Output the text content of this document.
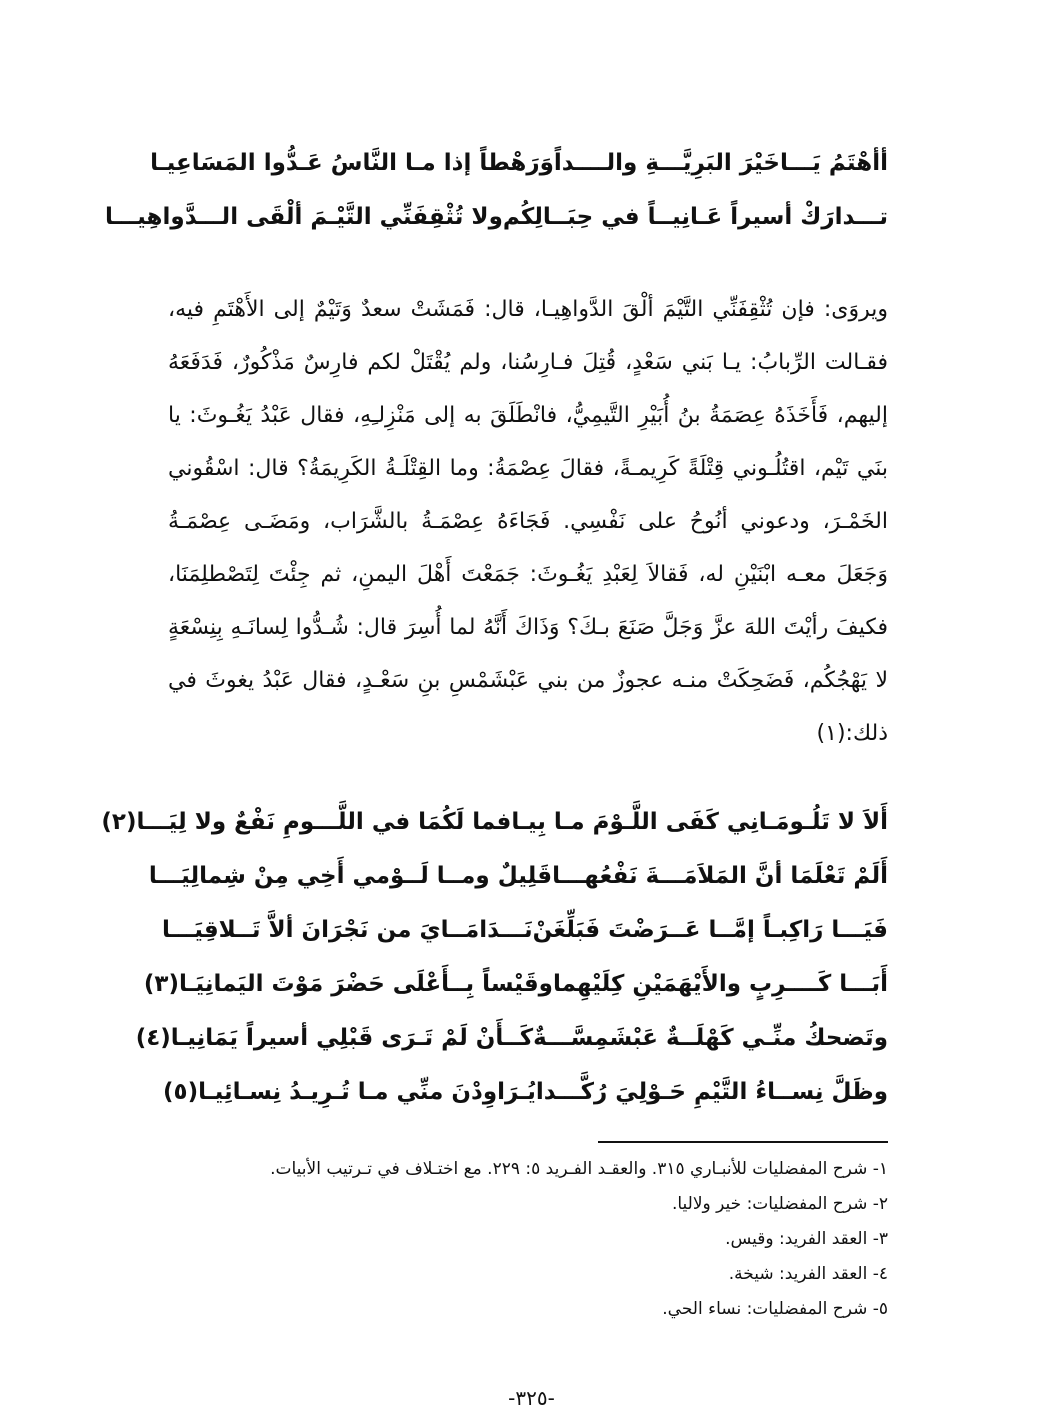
أأهْتَمُ يَـــاخَيْرَ البَرِيَّـــةِ والــــداً
وَرَهْطاً إذا مـا النَّاسُ عَـدُّوا المَسَاعِيـا
تـــدارَكْ أسيراً عَـانِيــاً في حِبَــالِكُم
ولا تُثْقِفَنِّي التَّيْـمَ ألْقَى الـــدَّواهِيـــا

ويروَى: فإن تُثْقِفَنِّي التَّيْمَ ألْقَ الدَّواهِيـا، قال: فَمَشَتْ سعدٌ وَتَيْمٌ إلى الأَهْتَمِ فيه، فقـالت الرِّبابُ: يـا بَني سَعْدٍ، قُتِلَ فـارِسُنا، ولم يُقْتَلْ لكم فارِسٌ مَذْكُورٌ، فَدَفَعَهُ إليهم، فَأَخَذَهُ عِصَمَةُ بنُ أُبَيْرِ التَّيمِيُّ، فانْطَلَقَ به إلى مَنْزِلـِهِ، فقال عَبْدُ يَغُـوثَ: يا بنَي تَيْم، اقتُلُـوني قِتْلَةً كَرِيمـةً، فقالَ عِصْمَةُ: وما القِتْلَـةُ الكَرِيمَةُ؟ قال: اسْقُوني الخَمْـرَ، ودعوني أنُوحُ على نَفْسِي. فَجَاءَهُ عِصْمَـةُ بالشَّرَاب، ومَضَـى عِصْمَـةُ وَجَعَلَ معـه ابْنَيْنِ له، فَقالاَ لِعَبْدِ يَغُـوثَ: جَمَعْتَ أَهْلَ اليمنِ، ثم جِئْتَ لِتَصْطلِمَنَا، فكيفَ رأيْتَ اللهَ عزَّ وَجَلَّ صَنَعَ بـكَ؟ وَذَاكَ أَنَّهُ لما أُسِرَ قال: شُـدُّوا لِسانَـهِ بِنِسْعَةٍ لا يَهْجُكُم، فَضَحِكَتْ منـه عجوزٌ من بني عَبْشَمْسِ بنِ سَعْـدٍ، فقال عَبْدُ يغوثَ في ذلك:(١)

أَلاَ لا تَلُـومَـانِي كَفَى اللَّـوْمَ مـا بِيـا
فما لَكُمَا في اللَّـــومِ نَفْعٌ ولا لِيَـــا(٢)
أَلَمْ تَعْلَمَا أنَّ المَلاَمَـــةَ نَفْعُهـــا
قَلِيلٌ ومــا لَــوْمي أَخِي مِنْ شِمالِيَـــا
فَيَـــا رَاكِبـاً إمَّــا عَــرَضْتَ فَبَلِّغَنْ
نَـــدَامَــايَ من نَجْرَانَ ألاَّ تَــلاقِيَـــا
أَبَـــا كَــــرِبٍ والأَيْهَمَيْنِ كِلَيْهِما
وقَيْساً بِــأَعْلَى حَضْرَ مَوْتَ اليَمانِيَـا(٣)
وتَضحكُ منِّـي كَهْلَــةٌ عَبْشَمِسَّـــةٌ
كَــأَنْ لَمْ تَـرَى قَبْلِي أسيراً يَمَانِيـا(٤)
وظَلَّ نِســاءُ التَّيْمِ حَـوْلِيَ رُكَّـــدا
يُـرَاوِدْنَ منِّي مـا تُـرِيـدُ نِسـائِيـا(٥)
١- شرح المفضليات للأنبـاري ٣١٥. والعقـد الفـريد ٥: ٢٢٩. مع اختـلاف في تـرتيب الأبيات.
٢- شرح المفضليات: خير ولاليا.
٣- العقد الفريد: وقيس.
٤- العقد الفريد: شيخة.
٥- شرح المفضليات: نساء الحي.
-٣٢٥-
